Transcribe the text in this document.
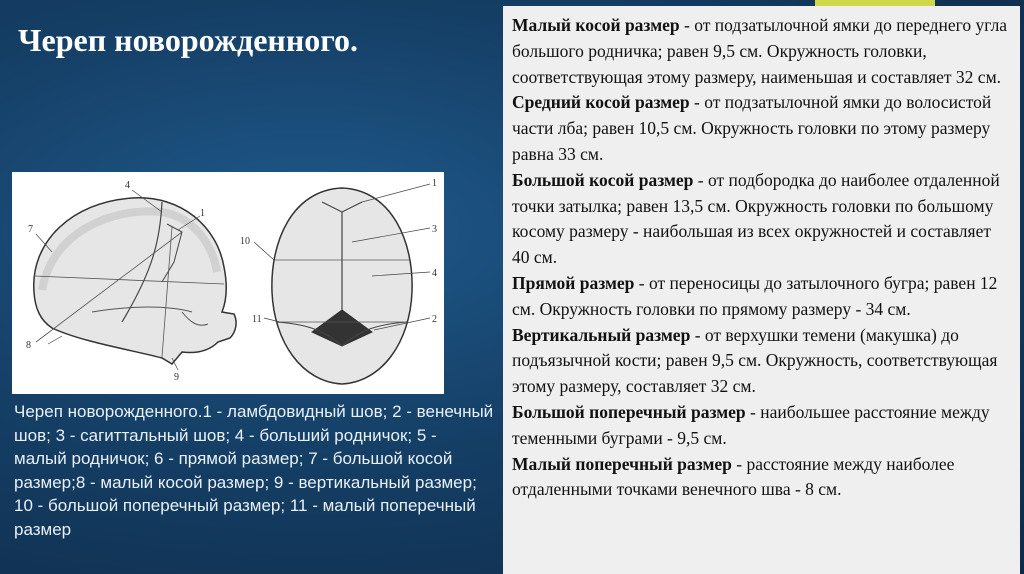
Череп новорожденного.
4
1
7
8
9
1
3
4
2
10
11
Череп новорожденного.1 - ламбдовидный шов; 2 - венечный шов; 3 - сагиттальный шов; 4 - больший родничок; 5 - малый родничок; 6 - прямой размер; 7 - большой косой размер;8 - малый косой размер; 9 - вертикальный размер; 10 - большой поперечный размер; 11 - малый поперечный размер

Малый косой размер - от подзатылочной ямки до переднего угла большого родничка; равен 9,5 см. Окружность головки, соответствующая этому размеру, наименьшая и составляет 32 см.

Средний косой размер - от подзатылочной ямки до волосистой части лба; равен 10,5 см. Окружность головки по этому размеру равна 33 см.

Большой косой размер - от подбородка до наиболее отдаленной точки затылка; равен 13,5 см. Окружность головки по большому косому размеру - наибольшая из всех окружностей и составляет 40 см.

Прямой размер - от переносицы до затылочного бугра; равен 12 см. Окружность головки по прямому размеру - 34 см.

Вертикальный размер - от верхушки темени (макушка) до подъязычной кости; равен 9,5 см. Окружность, соответствующая этому размеру, составляет 32 см.

Большой поперечный размер - наибольшее расстояние между теменными буграми - 9,5 см.

Малый поперечный размер - расстояние между наиболее отдаленными точками венечного шва - 8 см.
